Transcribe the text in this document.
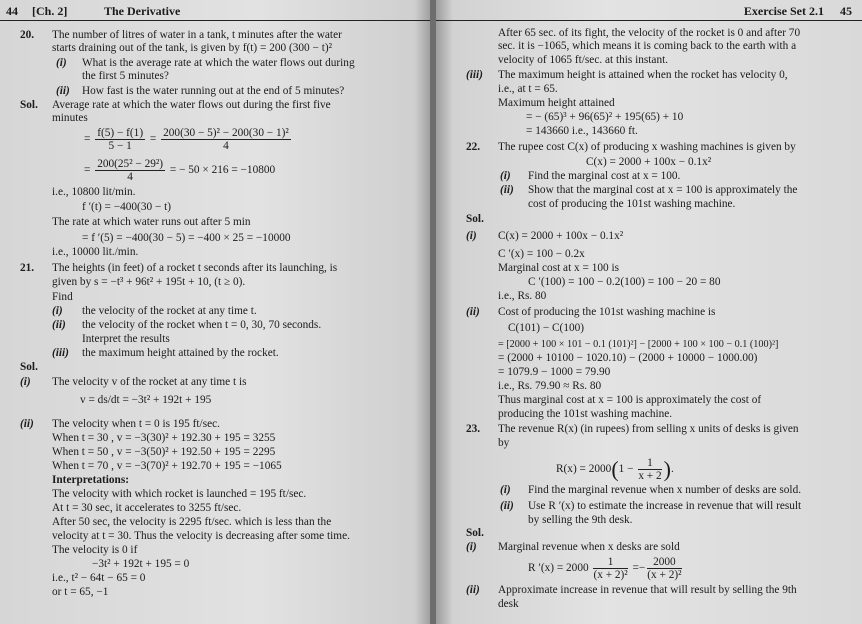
44 [Ch. 2]	The Derivative
20. The number of litres of water in a tank, t minutes after the water
starts draining out of the tank, is given by f(t) = 200 (300 − t)²
(i) What is the average rate at which the water flows out during
the first 5 minutes?
(ii) How fast is the water running out at the end of 5 minutes?
Sol. Average rate at which the water flows out during the first five
minutes
= $\frac{f(5) - f(1)}{5 - 1} = \frac{\text{200(30 − 5)² − 200(30 − 1)²}}{4}$
= $\frac{\text{200(25² − 29²)}}{4}$ = − 50 × 216 = −10800
i.e., 10800 lit/min.
f ′(t) = −400(30 − t)
The rate at which water runs out after 5 min
= f ′(5) = −400(30 − 5) = −400 × 25 = −10000
i.e., 10000 lit./min.
21. The heights (in feet) of a rocket t seconds after its launching, is
given by s = −t³ + 96t² + 195t + 10, (t ≥ 0).
Find
(i) the velocity of the rocket at any time t.
(ii) the velocity of the rocket when t = 0, 30, 70 seconds.
Interpret the results
(iii) the maximum height attained by the rocket.
Sol.
(i) The velocity v of the rocket at any time t is
v = ds/dt = −3t² + 192t + 195
(ii) The velocity when t = 0 is 195 ft/sec.
When t = 30 , v = −3(30)² + 192.30 + 195 = 3255
When t = 50 , v = −3(50)² + 192.50 + 195 = 2295
When t = 70 , v = −3(70)² + 192.70 + 195 = −1065
Interpretations:
The velocity with which rocket is launched = 195 ft/sec.
At t = 30 sec, it accelerates to 3255 ft/sec.
After 50 sec, the velocity is 2295 ft/sec. which is less than the
velocity at t = 30. Thus the velocity is decreasing after some time.
The velocity is 0 if
−3t² + 192t + 195 = 0
i.e., t² − 64t − 65 = 0
or t = 65, −1
Exercise Set 2.1 45
After 65 sec. of its fight, the velocity of the rocket is 0 and after 70
sec. it is −1065, which means it is coming back to the earth with a
velocity of 1065 ft/sec. at this instant.
(iii) The maximum height is attained when the rocket has velocity 0,
i.e., at t = 65.
Maximum height attained
= − (65)³ + 96(65)² + 195(65) + 10
= 143660 i.e., 143660 ft.
22. The rupee cost C(x) of producing x washing machines is given by
C(x) = 2000 + 100x − 0.1x²
(i) Find the marginal cost at x = 100.
(ii) Show that the marginal cost at x = 100 is approximately the
cost of producing the 101st washing machine.
Sol.
(i) C(x) = 2000 + 100x − 0.1x²
C ′(x) = 100 − 0.2x
Marginal cost at x = 100 is
C ′(100) = 100 − 0.2(100) = 100 − 20 = 80
i.e., Rs. 80
(ii) Cost of producing the 101st washing machine is
C(101) − C(100)
= [2000 + 100 × 101 − 0.1 (101)²] − [2000 + 100 × 100 − 0.1 (100)²]
= (2000 + 10100 − 1020.10) − (2000 + 10000 − 1000.00)
= 1079.9 − 1000 = 79.90
i.e., Rs. 79.90 ≈ Rs. 80
Thus marginal cost at x = 100 is approximately the cost of
producing the 101st washing machine.
23. The revenue R(x) (in rupees) from selling x units of desks is given
by
$R(x) = 2000(1 - \frac{1}{x + 2}$ ).
(i) Find the marginal revenue when x number of desks are sold.
(ii) Use R ′(x) to estimate the increase in revenue that will result
by selling the 9th desk.
Sol.
(i) Marginal revenue when x desks are sold
R $'(x) = 2000 \frac{1}{\text{(x + 2)²}} =- \frac{2000}{\text{(x + 2)²}}$
(ii) Approximate increase in revenue that will result by selling the 9th
desk
